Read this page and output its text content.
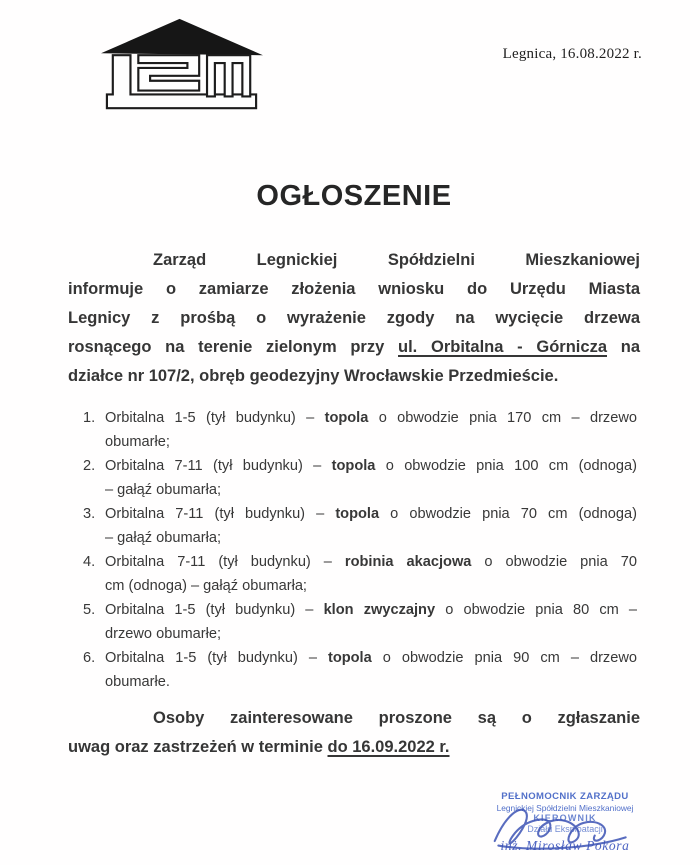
Legnica, 16.08.2022 r.
OGŁOSZENIE
Zarząd Legnickiej Spółdzielni Mieszkaniowej
informuje o zamiarze złożenia wniosku do Urzędu Miasta
Legnicy z prośbą o wyrażenie zgody na wycięcie drzewa
rosnącego na terenie zielonym przy ul. Orbitalna - Górnicza na
działce nr 107/2, obręb geodezyjny Wrocławskie Przedmieście.
1. Orbitalna 1-5 (tył budynku) – topola o obwodzie pnia 170 cm – drzewo
obumarłe;
2. Orbitalna 7-11 (tył budynku) – topola o obwodzie pnia 100 cm (odnoga)
– gałąź obumarła;
3. Orbitalna 7-11 (tył budynku) – topola o obwodzie pnia 70 cm (odnoga)
– gałąź obumarła;
4. Orbitalna 7-11 (tył budynku) – robinia akacjowa o obwodzie pnia 70
cm (odnoga) – gałąź obumarła;
5. Orbitalna 1-5 (tył budynku) – klon zwyczajny o obwodzie pnia 80 cm –
drzewo obumarłe;
6. Orbitalna 1-5 (tył budynku) – topola o obwodzie pnia 90 cm – drzewo
obumarłe.
Osoby zainteresowane proszone są o zgłaszanie
uwag oraz zastrzeżeń w terminie do 16.09.2022 r.
PEŁNOMOCNIK ZARZĄDU
Legnickiej Spółdzielni Mieszkaniowej
KIEROWNIK
Działu Eksploatacji
inż. Mirosław Pokora
